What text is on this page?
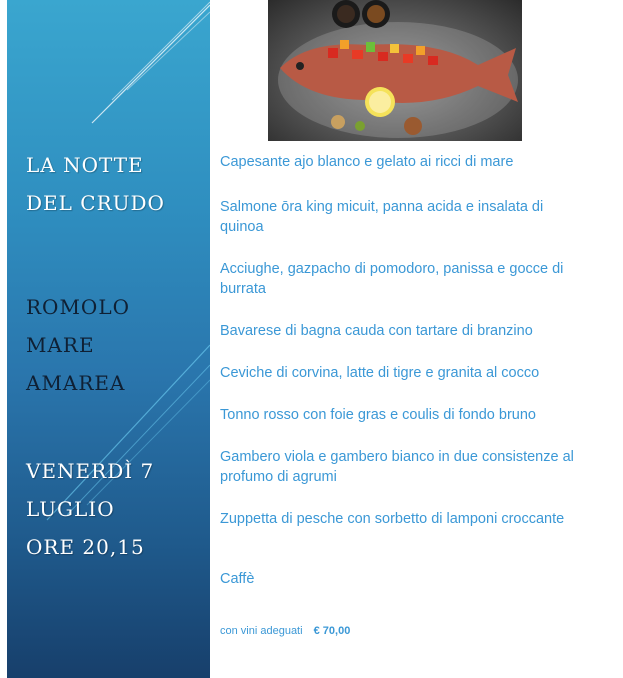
LA NOTTE
DEL CRUDO
ROMOLO
MARE
AMAREA
VENERDÌ 7
LUGLIO
ORE 20,15
Capesante ajo blanco e gelato ai ricci di mare
Salmone ōra king micuit, panna acida e insalata di quinoa
Acciughe, gazpacho di pomodoro, panissa e gocce di burrata
Bavarese di bagna cauda con tartare di branzino
Ceviche di corvina, latte di tigre e granita al cocco
Tonno rosso con foie gras e coulis di fondo bruno
Gambero viola e gambero bianco in due consistenze al profumo di agrumi
Zuppetta di pesche con sorbetto di lamponi croccante
Caffè
con vini adeguati € 70,00
